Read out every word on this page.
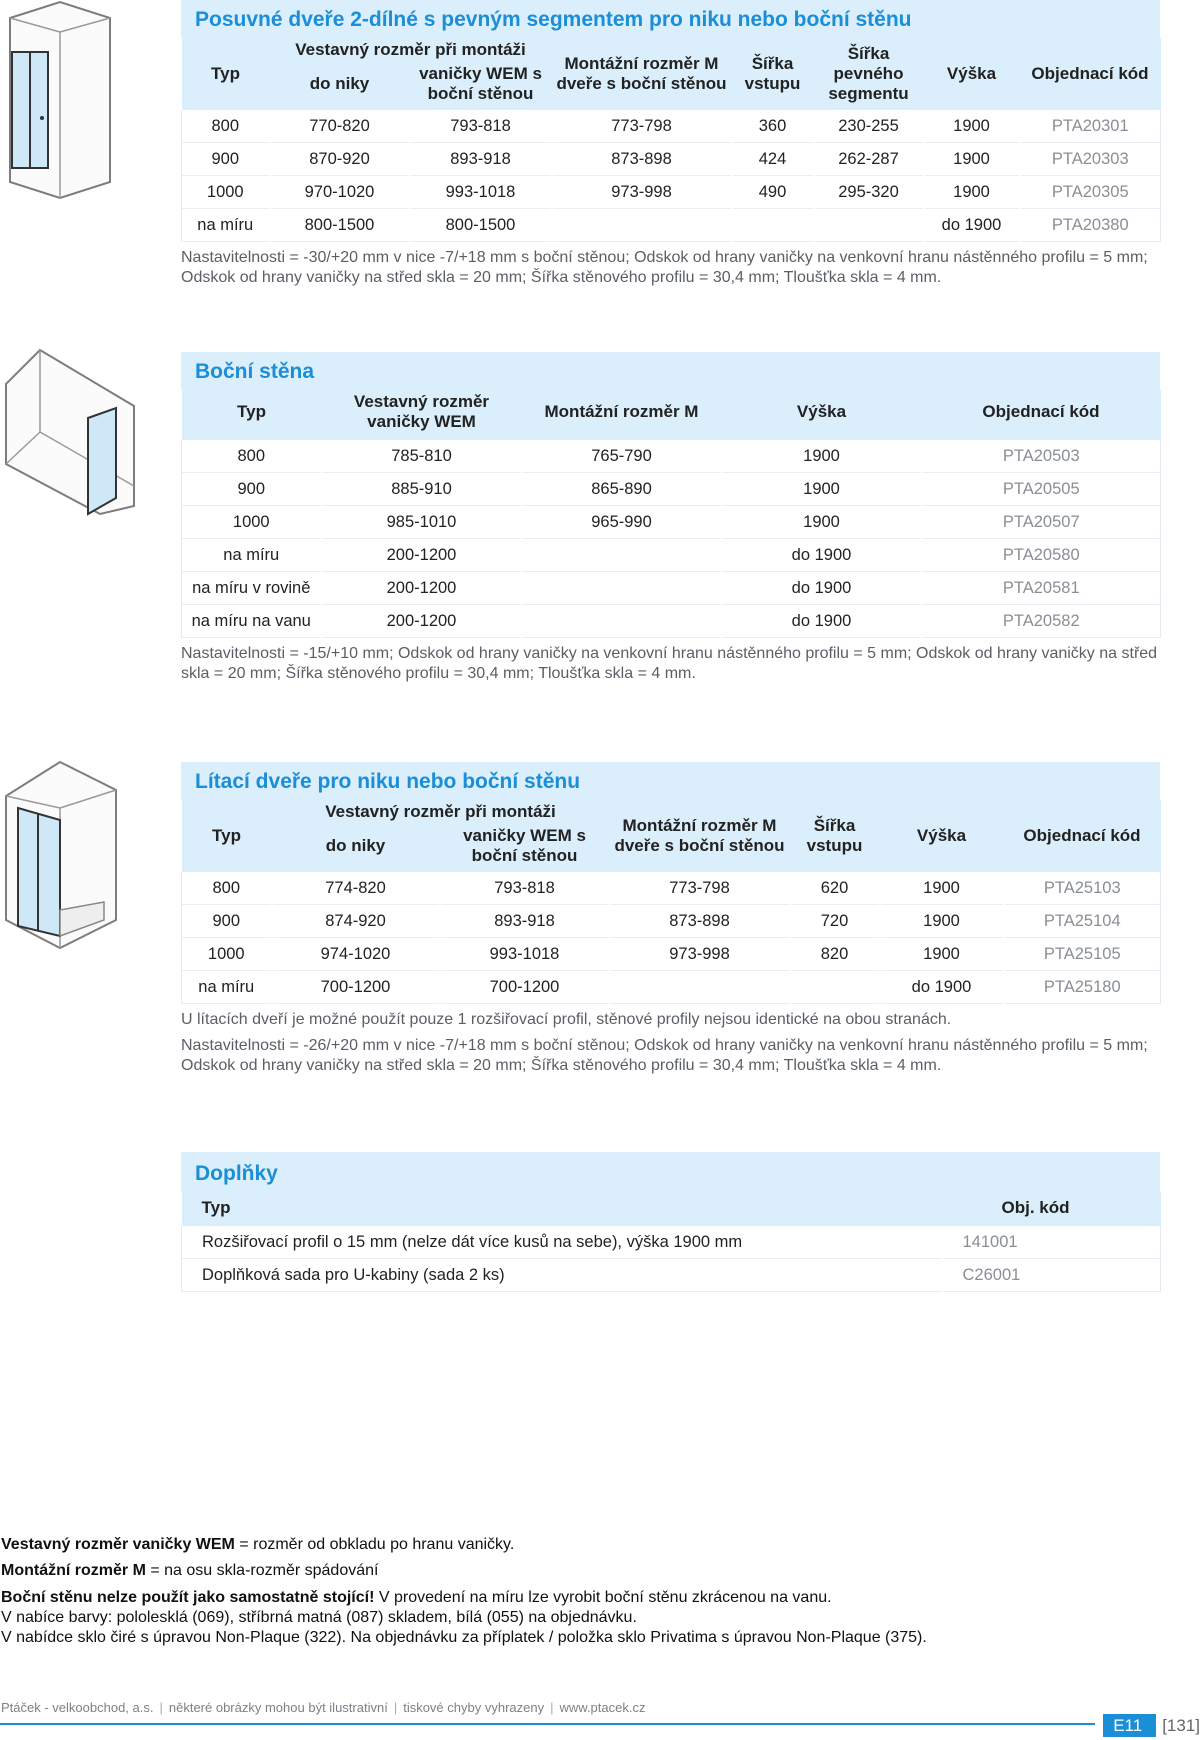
Posuvné dveře 2-dílné s pevným segmentem pro niku nebo boční stěnu
Typ	Vestavný rozměr při montáži		Montážní rozměr M dveře s boční stěnou	Šířka vstupu	Šířka pevného segmentu	Výška	Objednací kód
	do niky	vaničky WEM s boční stěnou					
800	770-820	793-818	773-798	360	230-255	1900	PTA20301
900	870-920	893-918	873-898	424	262-287	1900	PTA20303
1000	970-1020	993-1018	973-998	490	295-320	1900	PTA20305
na míru	800-1500	800-1500				do 1900	PTA20380

Nastavitelnosti = -30/+20 mm v nice -7/+18 mm s boční stěnou; Odskok od hrany vaničky na venkovní hranu nástěnného profilu = 5 mm; Odskok od hrany vaničky na střed skla = 20 mm; Šířka stěnového profilu = 30,4 mm; Tloušťka skla = 4 mm.

Boční stěna
Typ	Vestavný rozměr vaničky WEM	Montážní rozměr M	Výška	Objednací kód
800	785-810	765-790	1900	PTA20503
900	885-910	865-890	1900	PTA20505
1000	985-1010	965-990	1900	PTA20507
na míru	200-1200		do 1900	PTA20580
na míru v rovině	200-1200		do 1900	PTA20581
na míru na vanu	200-1200		do 1900	PTA20582

Nastavitelnosti = -15/+10 mm; Odskok od hrany vaničky na venkovní hranu nástěnného profilu = 5 mm; Odskok od hrany vaničky na střed skla = 20 mm; Šířka stěnového profilu = 30,4 mm; Tloušťka skla = 4 mm.

Lítací dveře pro niku nebo boční stěnu
Typ	Vestavný rozměr při montáži		Montážní rozměr M dveře s boční stěnou	Šířka vstupu	Výška	Objednací kód
	do niky	vaničky WEM s boční stěnou				
800	774-820	793-818	773-798	620	1900	PTA25103
900	874-920	893-918	873-898	720	1900	PTA25104
1000	974-1020	993-1018	973-998	820	1900	PTA25105
na míru	700-1200	700-1200			do 1900	PTA25180

U lítacích dveří je možné použít pouze 1 rozšiřovací profil, stěnové profily nejsou identické na obou stranách.

Nastavitelnosti = -26/+20 mm v nice -7/+18 mm s boční stěnou; Odskok od hrany vaničky na venkovní hranu nástěnného profilu = 5 mm; Odskok od hrany vaničky na střed skla = 20 mm; Šířka stěnového profilu = 30,4 mm; Tloušťka skla = 4 mm.

Doplňky
Typ	Obj. kód
Rozšiřovací profil o 15 mm (nelze dát více kusů na sebe), výška 1900 mm	141001
Doplňková sada pro U-kabiny (sada 2 ks)	C26001

Vestavný rozměr vaničky WEM = rozměr od obkladu po hranu vaničky.

Montážní rozměr M = na osu skla-rozměr spádování

Boční stěnu nelze použít jako samostatně stojící! V provedení na míru lze vyrobit boční stěnu zkrácenou na vanu.

V nabíce barvy: pololesklá (069), stříbrná matná (087) skladem, bílá (055) na objednávku.

V nabídce sklo čiré s úpravou Non-Plaque (322). Na objednávku za příplatek / položka sklo Privatima s úpravou Non-Plaque (375).

Ptáček - velkoobchod, a.s. | některé obrázky mohou být ilustrativní | tiskové chyby vyhrazeny | www.ptacek.cz
E11 [131]
